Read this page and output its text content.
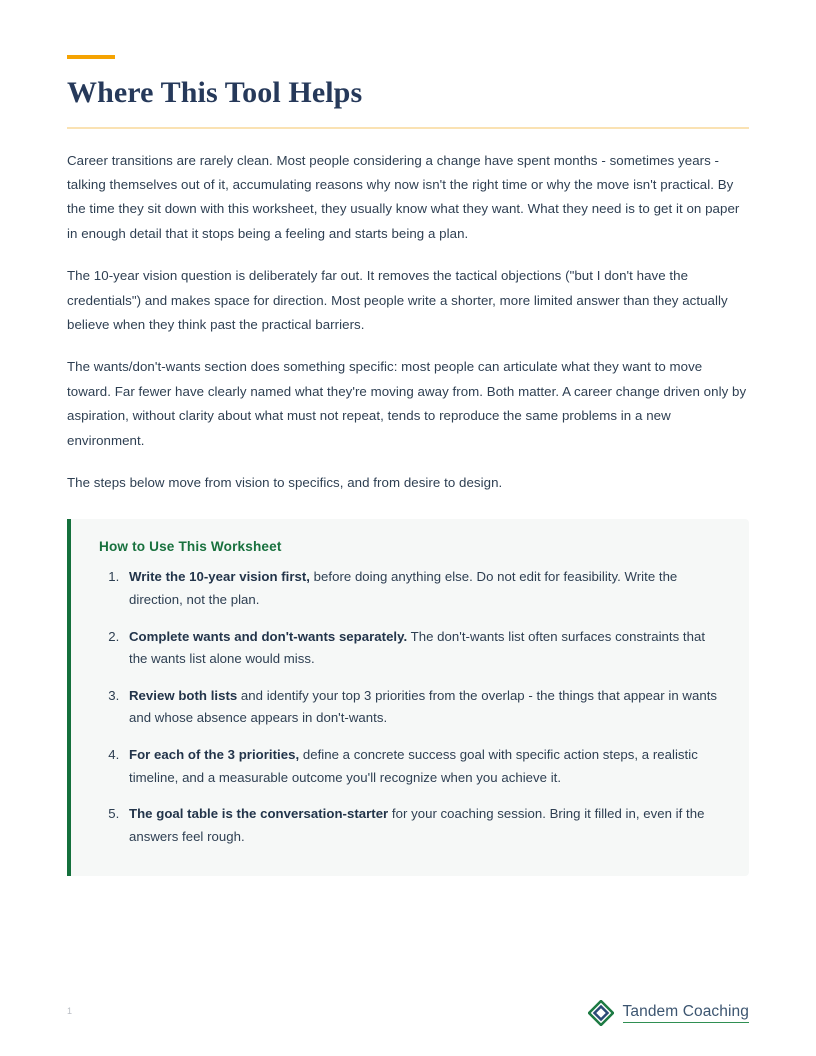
Where This Tool Helps

Career transitions are rarely clean. Most people considering a change have spent months - sometimes years - talking themselves out of it, accumulating reasons why now isn't the right time or why the move isn't practical. By the time they sit down with this worksheet, they usually know what they want. What they need is to get it on paper in enough detail that it stops being a feeling and starts being a plan.

The 10-year vision question is deliberately far out. It removes the tactical objections ("but I don't have the credentials") and makes space for direction. Most people write a shorter, more limited answer than they actually believe when they think past the practical barriers.

The wants/don't-wants section does something specific: most people can articulate what they want to move toward. Far fewer have clearly named what they're moving away from. Both matter. A career change driven only by aspiration, without clarity about what must not repeat, tends to reproduce the same problems in a new environment.

The steps below move from vision to specifics, and from desire to design.

How to Use This Worksheet
1. Write the 10-year vision first, before doing anything else. Do not edit for feasibility. Write the direction, not the plan.
2. Complete wants and don't-wants separately. The don't-wants list often surfaces constraints that the wants list alone would miss.
3. Review both lists and identify your top 3 priorities from the overlap - the things that appear in wants and whose absence appears in don't-wants.
4. For each of the 3 priorities, define a concrete success goal with specific action steps, a realistic timeline, and a measurable outcome you'll recognize when you achieve it.
5. The goal table is the conversation-starter for your coaching session. Bring it filled in, even if the answers feel rough.
1	Tandem Coaching
